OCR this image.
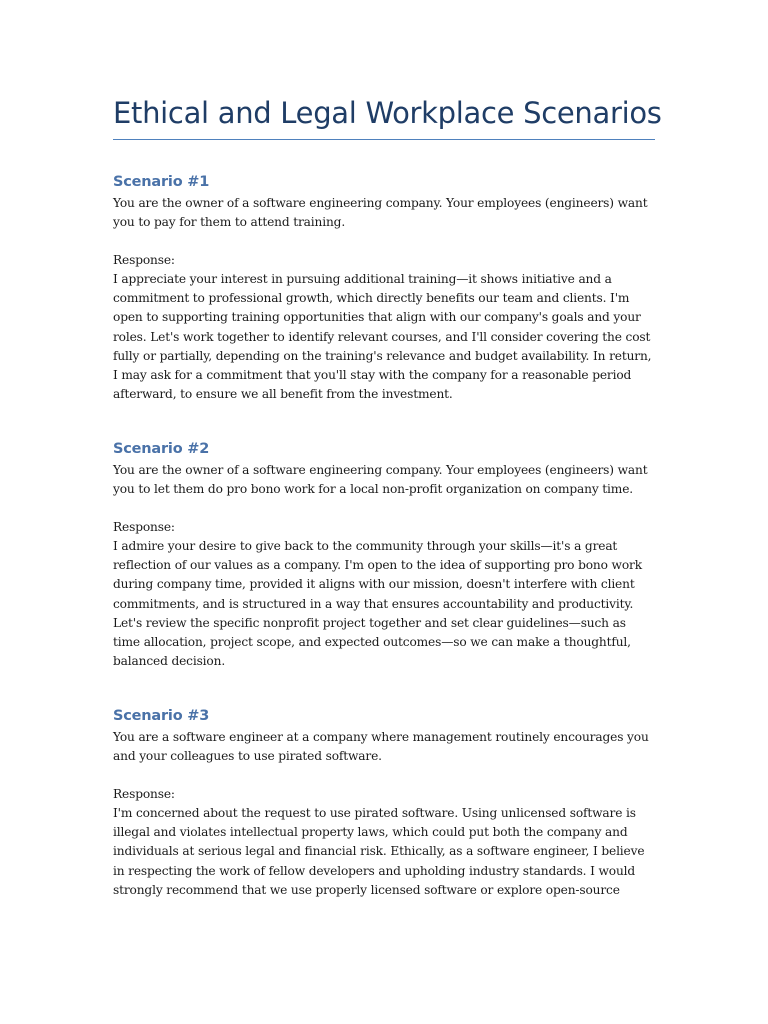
Ethical and Legal Workplace Scenarios
Scenario #1

You are the owner of a software engineering company. Your employees (engineers) want you to pay for them to attend training.

Response:

I appreciate your interest in pursuing additional training—it shows initiative and a commitment to professional growth, which directly benefits our team and clients. I'm open to supporting training opportunities that align with our company's goals and your roles. Let's work together to identify relevant courses, and I'll consider covering the cost fully or partially, depending on the training's relevance and budget availability. In return, I may ask for a commitment that you'll stay with the company for a reasonable period afterward, to ensure we all benefit from the investment.

Scenario #2

You are the owner of a software engineering company. Your employees (engineers) want you to let them do pro bono work for a local non-profit organization on company time.

Response:

I admire your desire to give back to the community through your skills—it's a great reflection of our values as a company. I'm open to the idea of supporting pro bono work during company time, provided it aligns with our mission, doesn't interfere with client commitments, and is structured in a way that ensures accountability and productivity. Let's review the specific nonprofit project together and set clear guidelines—such as time allocation, project scope, and expected outcomes—so we can make a thoughtful, balanced decision.

Scenario #3

You are a software engineer at a company where management routinely encourages you and your colleagues to use pirated software.

Response:

I'm concerned about the request to use pirated software. Using unlicensed software is illegal and violates intellectual property laws, which could put both the company and individuals at serious legal and financial risk. Ethically, as a software engineer, I believe in respecting the work of fellow developers and upholding industry standards. I would strongly recommend that we use properly licensed software or explore open-source
